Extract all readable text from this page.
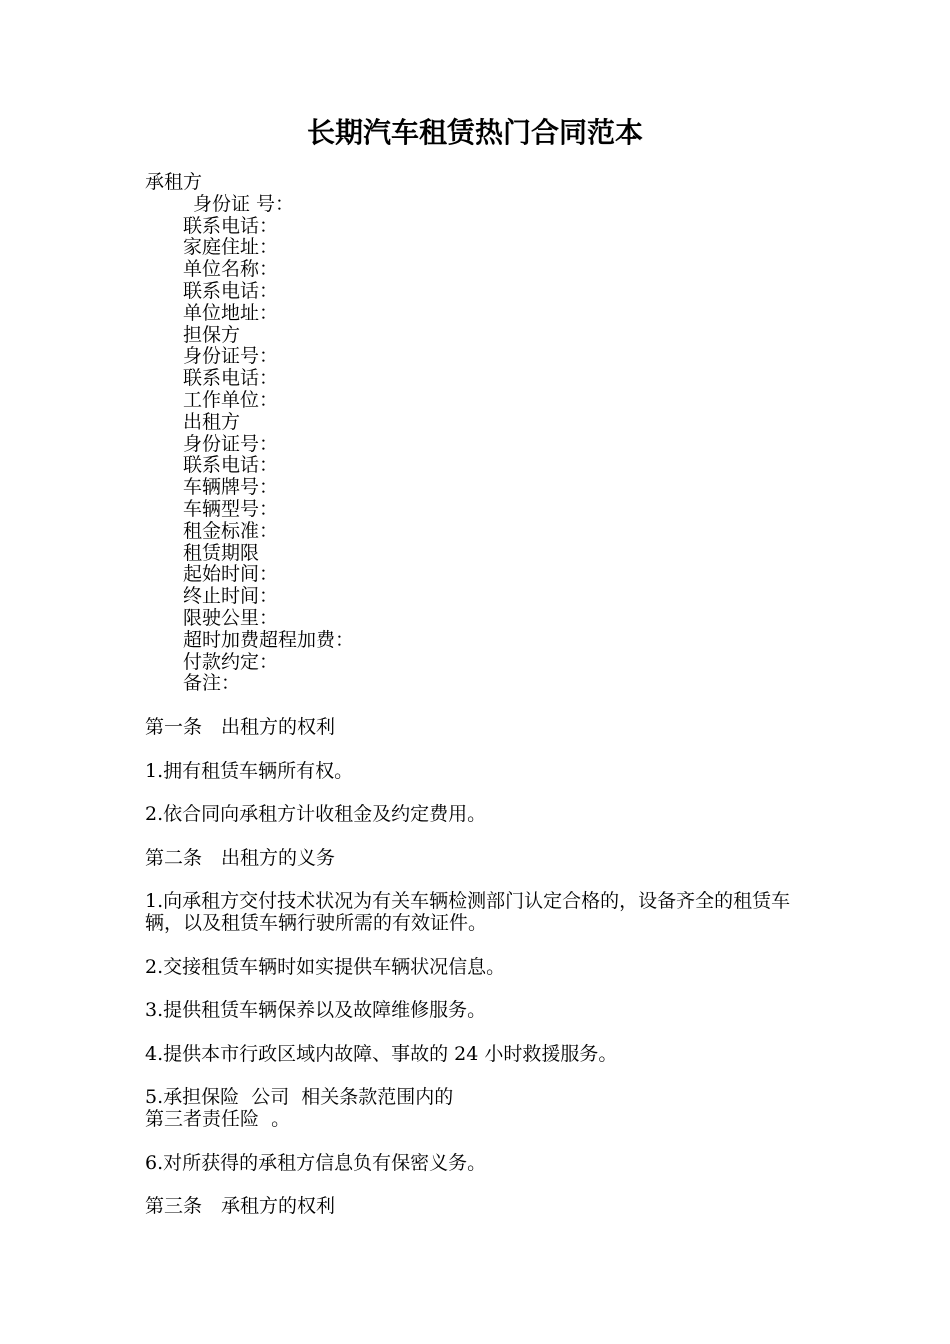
长期汽车租赁热门合同范本
承租方
身份证 号：
联系电话：
家庭住址：
单位名称：
联系电话：
单位地址：
担保方
身份证号：
联系电话：
工作单位：
出租方
身份证号：
联系电话：
车辆牌号：
车辆型号：
租金标准：
租赁期限
起始时间：
终止时间：
限驶公里：
超时加费超程加费：
付款约定：
备注：
第一条　出租方的权利
1.拥有租赁车辆所有权。
2.依合同向承租方计收租金及约定费用。
第二条　出租方的义务
1.向承租方交付技术状况为有关车辆检测部门认定合格的，设备齐全的租赁车
辆，以及租赁车辆行驶所需的有效证件。
2.交接租赁车辆时如实提供车辆状况信息。
3.提供租赁车辆保养以及故障维修服务。
4.提供本市行政区域内故障、事故的 24 小时救援服务。
5.承担保险  公司  相关条款范围内的
第三者责任险  。
6.对所获得的承租方信息负有保密义务。
第三条　承租方的权利
